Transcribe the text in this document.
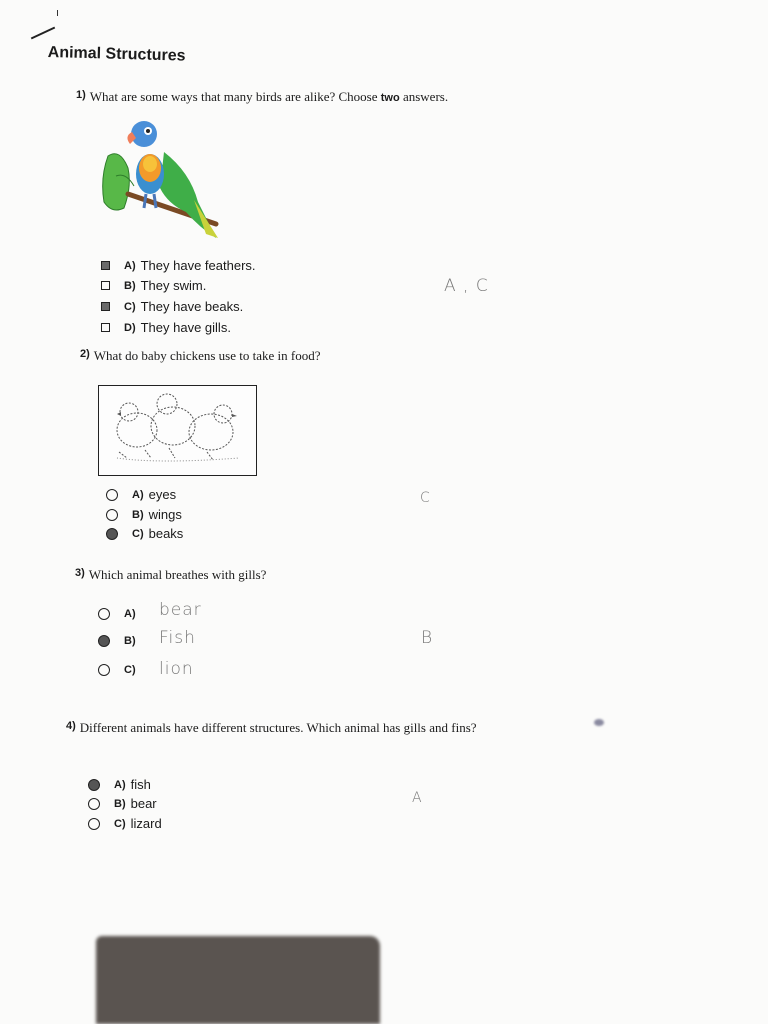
Animal Structures
1) What are some ways that many birds are alike? Choose two answers.
A) They have feathers.
B) They swim.
C) They have beaks.
D) They have gills.
A , C
2) What do baby chickens use to take in food?
A) eyes
B) wings
C) beaks
C
3) Which animal breathes with gills?
A)	bear
B)	Fish
C)	lion
B
4) Different animals have different structures. Which animal has gills and fins?
A) fish
B) bear
C) lizard
A
